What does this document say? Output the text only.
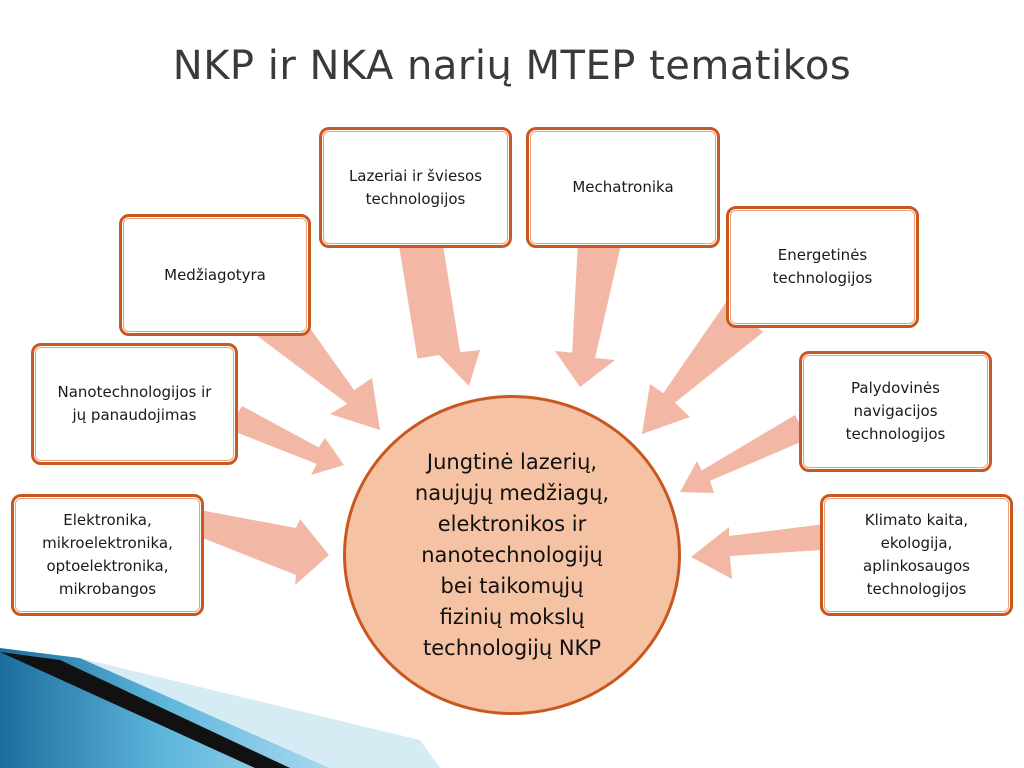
NKP ir NKA narių MTEP tematikos
Jungtinė lazerių,
naujųjų medžiagų,
elektronikos ir
nanotechnologijų
bei taikomųjų
fizinių mokslų
technologijų NKP
Lazeriai ir šviesos
technologijos
Mechatronika
Medžiagotyra
Energetinės
technologijos
Nanotechnologijos ir
jų panaudojimas
Palydovinės
navigacijos
technologijos
Elektronika,
mikroelektronika,
optoelektronika,
mikrobangos
Klimato kaita,
ekologija,
aplinkosaugos
technologijos
